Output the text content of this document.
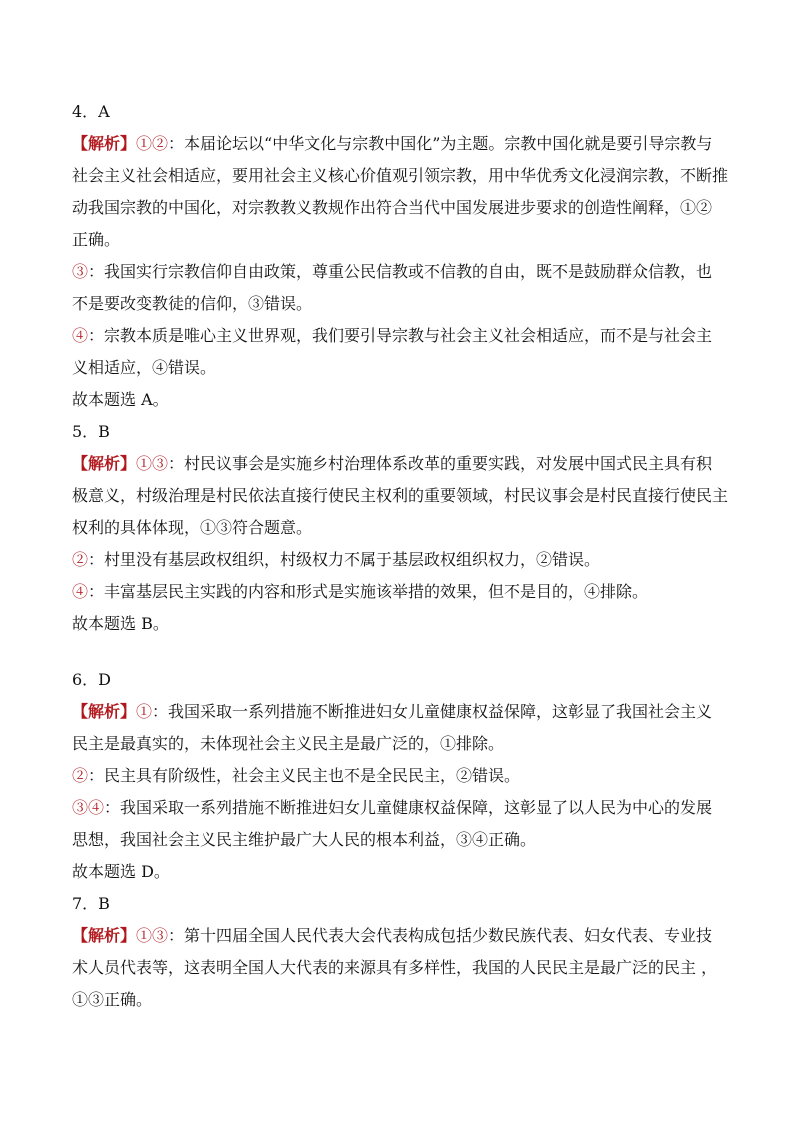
4．A
【解析】①②：本届论坛以“中华文化与宗教中国化”为主题。宗教中国化就是要引导宗教与
社会主义社会相适应，要用社会主义核心价值观引领宗教，用中华优秀文化浸润宗教，不断推
动我国宗教的中国化，对宗教教义教规作出符合当代中国发展进步要求的创造性阐释，①②
正确。
③：我国实行宗教信仰自由政策，尊重公民信教或不信教的自由，既不是鼓励群众信教，也
不是要改变教徒的信仰，③错误。
④：宗教本质是唯心主义世界观，我们要引导宗教与社会主义社会相适应，而不是与社会主
义相适应，④错误。
故本题选 A。
5．B
【解析】①③：村民议事会是实施乡村治理体系改革的重要实践，对发展中国式民主具有积
极意义，村级治理是村民依法直接行使民主权利的重要领域，村民议事会是村民直接行使民主
权利的具体体现，①③符合题意。
②：村里没有基层政权组织，村级权力不属于基层政权组织权力，②错误。
④：丰富基层民主实践的内容和形式是实施该举措的效果，但不是目的，④排除。
故本题选 B。
6．D
【解析】①：我国采取一系列措施不断推进妇女儿童健康权益保障，这彰显了我国社会主义
民主是最真实的，未体现社会主义民主是最广泛的，①排除。
②：民主具有阶级性，社会主义民主也不是全民民主，②错误。
③④：我国采取一系列措施不断推进妇女儿童健康权益保障，这彰显了以人民为中心的发展
思想，我国社会主义民主维护最广大人民的根本利益，③④正确。
故本题选 D。
7．B
【解析】①③：第十四届全国人民代表大会代表构成包括少数民族代表、妇女代表、专业技
术人员代表等，这表明全国人大代表的来源具有多样性，我国的人民民主是最广泛的民主 ，
①③正确。
